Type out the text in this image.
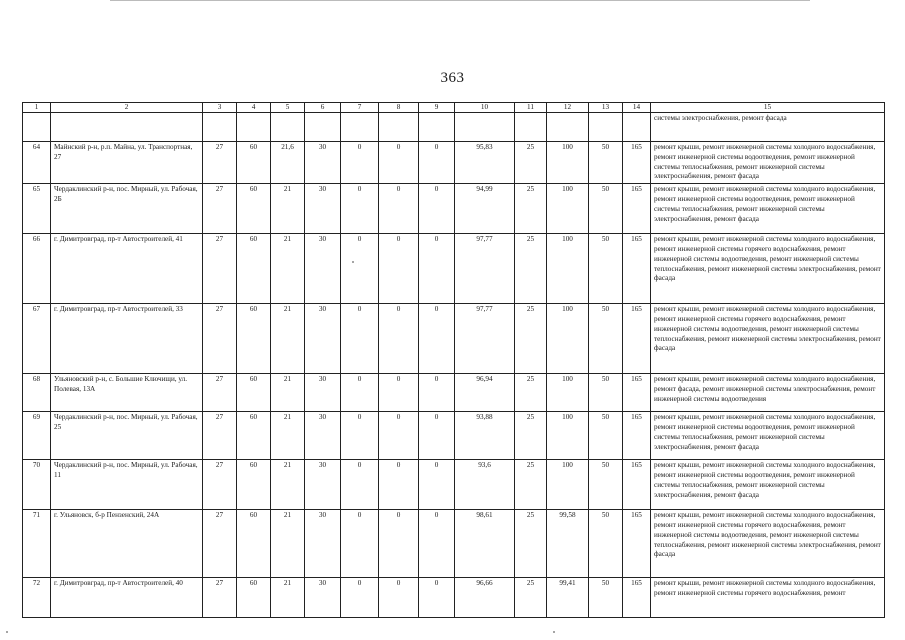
363
1	2	3	4	5	6	7	8	9	10	11	12	13	14	15
														системы электроснабжения, ремонт фасада
64	Майнский р-н, р.п. Майна, ул. Транспортная, 27	27	60	21,6	30	0	0	0	95,83	25	100	50	165	ремонт крыши, ремонт инженерной системы холодного водоснабжения, ремонт инженерной системы водоотведения, ремонт инженерной системы теплоснабжения, ремонт инженерной системы электроснабжения, ремонт фасада
65	Чердаклинский р-н, пос. Мирный, ул. Рабочая, 2Б	27	60	21	30	0	0	0	94,99	25	100	50	165	ремонт крыши, ремонт инженерной системы холодного водоснабжения, ремонт инженерной системы водоотведения, ремонт инженерной системы теплоснабжения, ремонт инженерной системы электроснабжения, ремонт фасада
66	г. Димитровград, пр-т Автостроителей, 41	27	60	21	30	0	0	0	97,77	25	100	50	165	ремонт крыши, ремонт инженерной системы холодного водоснабжения, ремонт инженерной системы горячего водоснабжения, ремонт инженерной системы водоотведения, ремонт инженерной системы теплоснабжения, ремонт инженерной системы электроснабжения, ремонт фасада
67	г. Димитровград, пр-т Автостроителей, 33	27	60	21	30	0	0	0	97,77	25	100	50	165	ремонт крыши, ремонт инженерной системы холодного водоснабжения, ремонт инженерной системы горячего водоснабжения, ремонт инженерной системы водоотведения, ремонт инженерной системы теплоснабжения, ремонт инженерной системы электроснабжения, ремонт фасада
68	Ульяновский р-н, с. Большие Ключищи, ул. Полевая, 13А	27	60	21	30	0	0	0	96,94	25	100	50	165	ремонт крыши, ремонт инженерной системы холодного водоснабжения, ремонт фасада, ремонт инженерной системы электроснабжения, ремонт инженерной системы водоотведения
69	Чердаклинский р-н, пос. Мирный, ул. Рабочая, 25	27	60	21	30	0	0	0	93,88	25	100	50	165	ремонт крыши, ремонт инженерной системы холодного водоснабжения, ремонт инженерной системы водоотведения, ремонт инженерной системы теплоснабжения, ремонт инженерной системы электроснабжения, ремонт фасада
70	Чердаклинский р-н, пос. Мирный, ул. Рабочая, 11	27	60	21	30	0	0	0	93,6	25	100	50	165	ремонт крыши, ремонт инженерной системы холодного водоснабжения, ремонт инженерной системы водоотведения, ремонт инженерной системы теплоснабжения, ремонт инженерной системы электроснабжения, ремонт фасада
71	г. Ульяновск, б-р Пензенский, 24А	27	60	21	30	0	0	0	98,61	25	99,58	50	165	ремонт крыши, ремонт инженерной системы холодного водоснабжения, ремонт инженерной системы горячего водоснабжения, ремонт инженерной системы водоотведения, ремонт инженерной системы теплоснабжения, ремонт инженерной системы электроснабжения, ремонт фасада
72	г. Димитровград, пр-т Автостроителей, 40	27	60	21	30	0	0	0	96,66	25	99,41	50	165	ремонт крыши, ремонт инженерной системы холодного водоснабжения, ремонт инженерной системы горячего водоснабжения, ремонт
